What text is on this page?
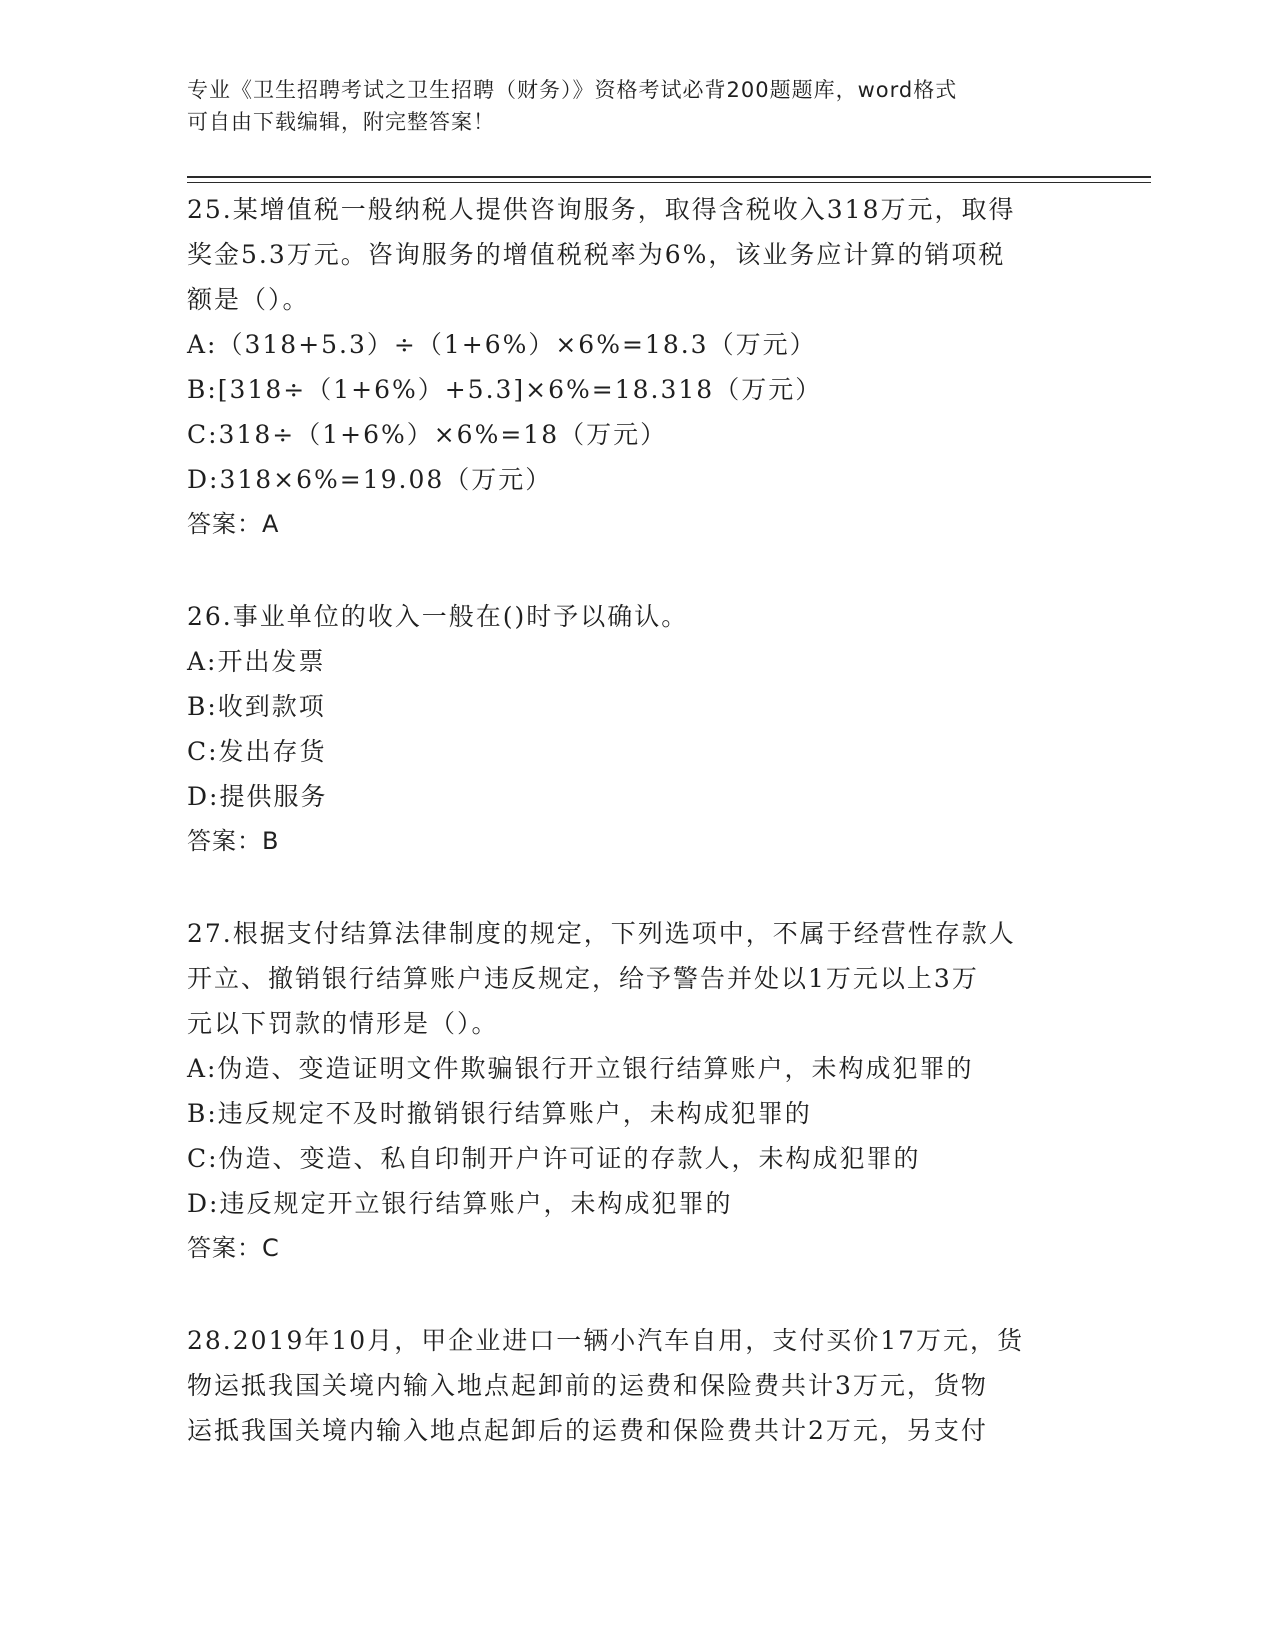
专业《卫生招聘考试之卫生招聘（财务）》资格考试必背200题题库，word格式
可自由下载编辑，附完整答案！
25.某增值税一般纳税人提供咨询服务，取得含税收入318万元，取得
奖金5.3万元。咨询服务的增值税税率为6%，该业务应计算的销项税
额是（）。
A:（318+5.3）÷（1+6%）×6%=18.3（万元）
B:[318÷（1+6%）+5.3]×6%=18.318（万元）
C:318÷（1+6%）×6%=18（万元）
D:318×6%=19.08（万元）
答案：A
26.事业单位的收入一般在()时予以确认。
A:开出发票
B:收到款项
C:发出存货
D:提供服务
答案：B
27.根据支付结算法律制度的规定，下列选项中，不属于经营性存款人
开立、撤销银行结算账户违反规定，给予警告并处以1万元以上3万
元以下罚款的情形是（）。
A:伪造、变造证明文件欺骗银行开立银行结算账户，未构成犯罪的
B:违反规定不及时撤销银行结算账户，未构成犯罪的
C:伪造、变造、私自印制开户许可证的存款人，未构成犯罪的
D:违反规定开立银行结算账户，未构成犯罪的
答案：C
28.2019年10月，甲企业进口一辆小汽车自用，支付买价17万元，货
物运抵我国关境内输入地点起卸前的运费和保险费共计3万元，货物
运抵我国关境内输入地点起卸后的运费和保险费共计2万元，另支付
